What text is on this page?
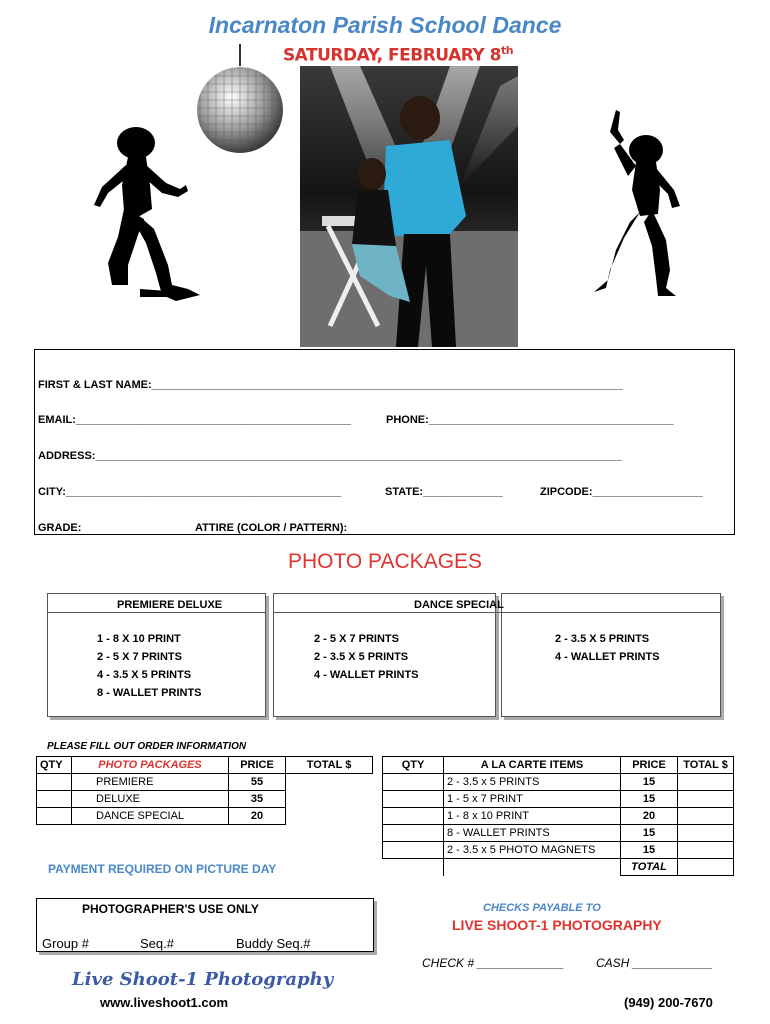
Incarnaton Parish School Dance
SATURDAY, FEBRUARY 8th
FIRST & LAST NAME:_____________________________________________________________________________
EMAIL:_____________________________________________	PHONE:________________________________________
ADDRESS:______________________________________________________________________________________
CITY:_____________________________________________	STATE:_____________	ZIPCODE:__________________
GRADE:	ATTIRE (COLOR / PATTERN):
PHOTO PACKAGES
PREMIERE DELUXE	DANCE SPECIAL
1 - 8 X 10 PRINT
2 - 5 X 7 PRINTS
4 - 3.5 X 5 PRINTS
8 - WALLET PRINTS
2 - 5 X 7 PRINTS
2 - 3.5 X 5 PRINTS
4 - WALLET PRINTS
2 - 3.5 X 5 PRINTS
4 - WALLET PRINTS
PLEASE FILL OUT ORDER INFORMATION
QTY	PHOTO PACKAGES	PRICE	TOTAL $
	PREMIERE	55	
	DELUXE	35	
	DANCE SPECIAL	20	
QTY	A LA CARTE ITEMS	PRICE	TOTAL $
	2 - 3.5 x 5 PRINTS	15	
	1 - 5 x 7 PRINT	15	
	1 - 8 x 10 PRINT	20	
	8 - WALLET PRINTS	15	
	2 - 3.5 x 5 PHOTO MAGNETS	15	
		TOTAL	
PAYMENT REQUIRED ON PICTURE DAY
PHOTOGRAPHER'S USE ONLY
Group #	Seq.#	Buddy Seq.#
CHECKS PAYABLE TO
LIVE SHOOT-1 PHOTOGRAPHY
CHECK # _____________	CASH ____________
Live Shoot-1 Photography
www.liveshoot1.com	(949) 200-7670
